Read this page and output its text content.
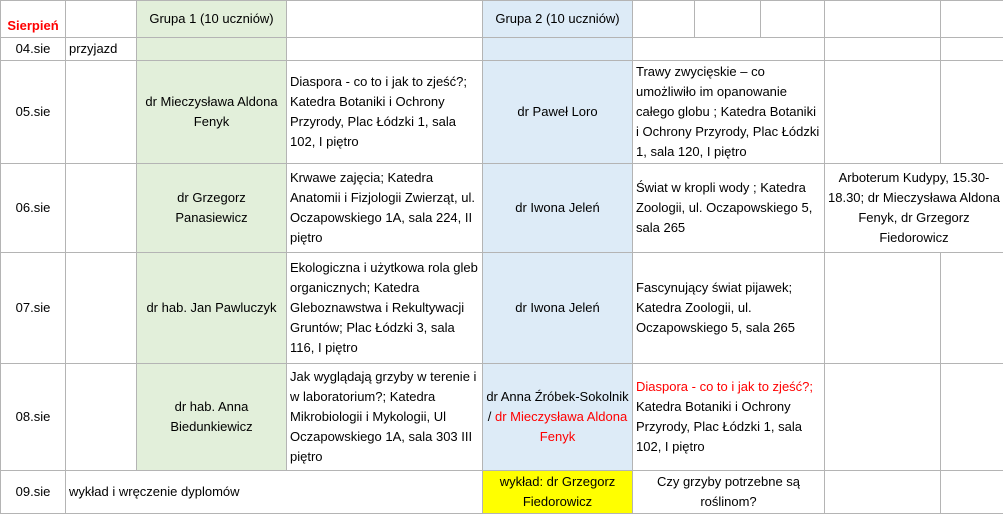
Sierpień		Grupa 1 (10 uczniów)		Grupa 2 (10 uczniów)					
04.sie	przyjazd								
05.sie		dr Mieczysława Aldona Fenyk	Diaspora - co to i jak to zjeść?; Katedra Botaniki i Ochrony Przyrody, Plac Łódzki 1, sala 102, I piętro	dr Paweł Loro	Trawy zwycięskie – co umożliwiło im opanowanie całego globu ; Katedra Botaniki i Ochrony Przyrody, Plac Łódzki 1, sala 120, I piętro				
06.sie		dr Grzegorz Panasiewicz	Krwawe zajęcia; Katedra Anatomii i Fizjologii Zwierząt, ul. Oczapowskiego 1A, sala 224, II piętro	dr Iwona Jeleń	Świat w kropli wody ; Katedra Zoologii, ul. Oczapowskiego 5, sala 265			Arboterum Kudypy, 15.30-18.30; dr Mieczysława Aldona Fenyk, dr Grzegorz Fiedorowicz	
07.sie		dr hab. Jan Pawluczyk	Ekologiczna i użytkowa rola gleb organicznych; Katedra Gleboznawstwa i Rekultywacji Gruntów; Plac Łódzki 3, sala 116, I piętro	dr Iwona Jeleń	Fascynujący świat pijawek; Katedra Zoologii, ul. Oczapowskiego 5, sala 265				
08.sie		dr hab. Anna Biedunkiewicz	Jak wyglądają grzyby w terenie i w laboratorium?; Katedra Mikrobiologii i Mykologii, Ul Oczapowskiego 1A, sala 303 III piętro	dr Anna Źróbek-Sokolnik / dr Mieczysława Aldona Fenyk	Diaspora - co to i jak to zjeść?;
Katedra Botaniki i Ochrony Przyrody, Plac Łódzki 1, sala 102, I piętro				
09.sie	wykład i wręczenie dyplomów			wykład: dr Grzegorz Fiedorowicz	Czy grzyby potrzebne są roślinom?				
